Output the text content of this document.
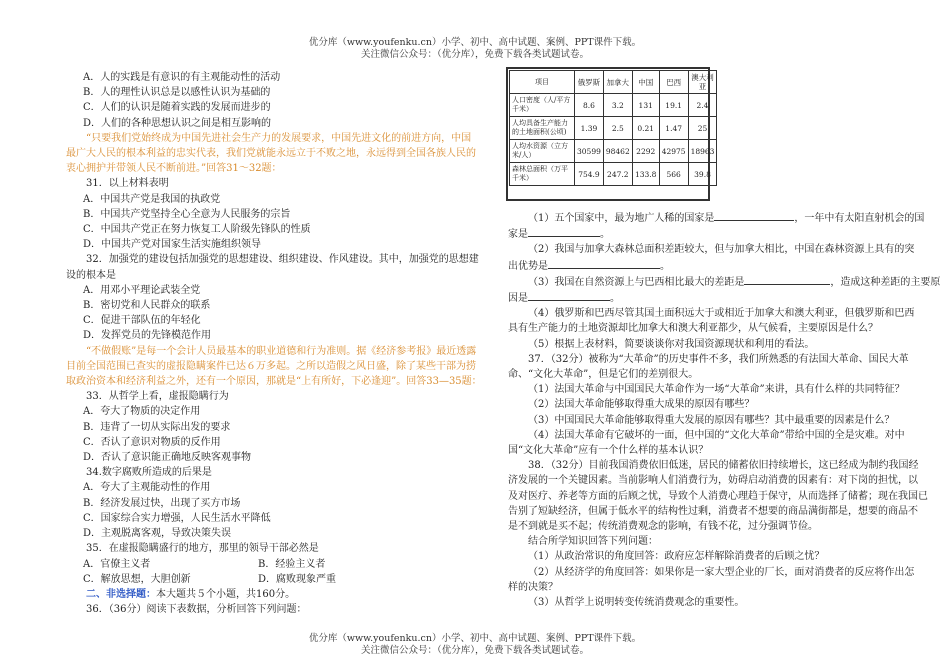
优分库（www.youfenku.cn）小学、初中、高中试题、案例、PPT课件下载。
关注微信公众号：（优分库），免费下载各类试题试卷。
A．人的实践是有意识的有主观能动性的活动
B．人的理性认识总是以感性认识为基础的
C．人们的认识是随着实践的发展而进步的
D．人们的各种思想认识之间是相互影响的
“只要我们党始终成为中国先进社会生产力的发展要求，中国先进文化的前进方向，中国
最广大人民的根本利益的忠实代表，我们党就能永远立于不败之地，永远得到全国各族人民的
衷心拥护并带领人民不断前进。”回答31～32题：
31．以上材料表明
A．中国共产党是我国的执政党
B．中国共产党坚持全心全意为人民服务的宗旨
C．中国共产党正在努力恢复工人阶级先锋队的性质
D．中国共产党对国家生活实施组织领导
32．加强党的建设包括加强党的思想建设、组织建设、作风建设。其中，加强党的思想建
设的根本是
A．用邓小平理论武装全党
B．密切党和人民群众的联系
C．促进干部队伍的年轻化
D．发挥党员的先锋模范作用
“不做假账”是每一个会计人员最基本的职业道德和行为准则。据《经济参考报》最近透露
目前全国范围已查实的虚报隐瞒案件已达６万多起。之所以造假之风日盛，除了某些干部为捞
取政治资本和经济利益之外，还有一个原因，那就是“上有所好，下必逢迎”。回答33—35题：
33．从哲学上看，虚报隐瞒行为
A．夸大了物质的决定作用
B．违背了一切从实际出发的要求
C．否认了意识对物质的反作用
D．否认了意识能正确地反映客观事物
34.数字腐败所造成的后果是
A．夸大了主观能动性的作用
B．经济发展过快，出现了买方市场
C．国家综合实力增强，人民生活水平降低
D．主观脱离客观，导致决策失误
35．在虚报隐瞒盛行的地方，那里的领导干部必然是
A．官僚主义者	B．经验主义者
C．解放思想，大胆创新	D．腐败现象严重
二、非选择题：本大题共５个小题，共160分。
36．（36分）阅读下表数据，分析回答下列问题：
项目	俄罗斯	加拿大	中国	巴西	澳大利亚
人口密度（人/平方千米）	8.6	3.2	131	19.1	2.4
人均具备生产能力的土地面积(公顷)	1.39	2.5	0.21	1.47	25
人均水资源（立方米/人）	30599	98462	2292	42975	18963
森林总面积（万平千米）	754.9	247.2	133.8	566	39.8
（1）五个国家中，最为地广人稀的国家是	，一年中有太阳直射机会的国
家是	。
（2）我国与加拿大森林总面积差距较大，但与加拿大相比，中国在森林资源上具有的突
出优势是	。
（3）我国在自然资源上与巴西相比最大的差距是	，造成这种差距的主要原
因是	。
（4）俄罗斯和巴西尽管其国土面积远大于或相近于加拿大和澳大利亚，但俄罗斯和巴西
具有生产能力的土地资源却比加拿大和澳大利亚都少，从气候看，主要原因是什么？
（5）根据上表材料，简要谈谈你对我国资源现状和利用的看法。
37．（32分）被称为“大革命”的历史事件不多，我们所熟悉的有法国大革命、国民大革
命、“文化大革命”，但是它们的差别很大。
（1）法国大革命与中国国民大革命作为一场“大革命”来讲，具有什么样的共同特征？
（2）法国大革命能够取得重大成果的原因有哪些？
（3）中国国民大革命能够取得重大发展的原因有哪些？其中最重要的因素是什么？
（4）法国大革命有它破坏的一面，但中国的“文化大革命”带给中国的全是灾难。对中
国“文化大革命”应有一个什么样的基本认识？
38．（32分）目前我国消费依旧低迷，居民的储蓄依旧持续增长，这已经成为制约我国经
济发展的一个关键因素。当前影响人们消费行为，妨碍启动消费的因素有：对下岗的担忧，以
及对医疗、养老等方面的后顾之忧，导致个人消费心理趋于保守，从而选择了储蓄；现在我国已
告别了短缺经济，但属于低水平的结构性过剩，消费者不想要的商品满街都是，想要的商品不
是不到就是买不起；传统消费观念的影响，有钱不花，过分强调节俭。
结合所学知识回答下列问题：
（1）从政治常识的角度回答：政府应怎样解除消费者的后顾之忧？
（2）从经济学的角度回答：如果你是一家大型企业的厂长，面对消费者的反应将作出怎
样的决策？
（3）从哲学上说明转变传统消费观念的重要性。
优分库（www.youfenku.cn）小学、初中、高中试题、案例、PPT课件下载。
关注微信公众号：（优分库），免费下载各类试题试卷。
